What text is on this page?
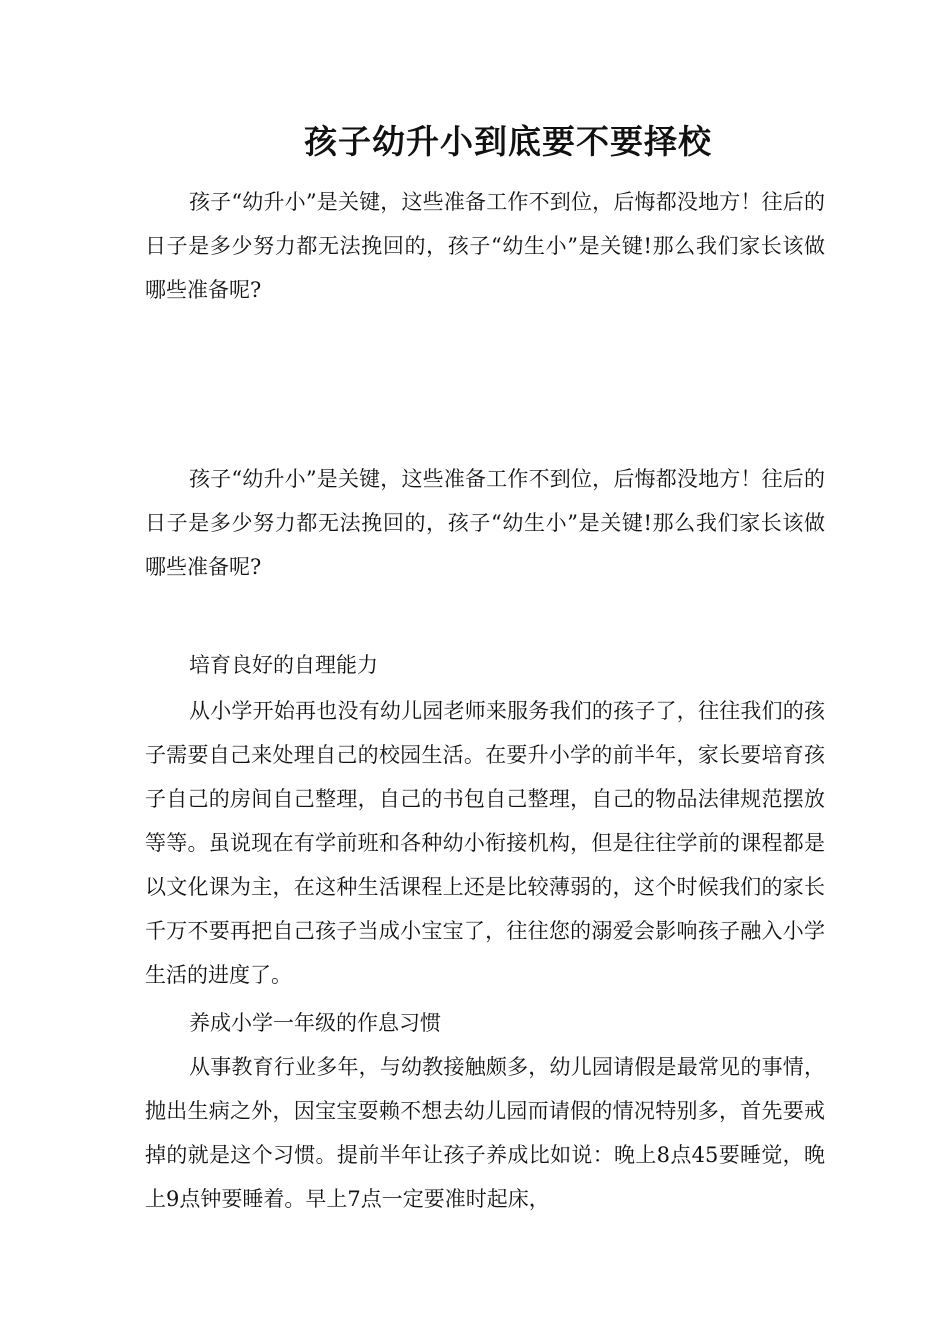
孩子幼升小到底要不要择校

孩子“幼升小”是关键，这些准备工作不到位，后悔都没地方！往后的日子是多少努力都无法挽回的，孩子“幼生小”是关键!那么我们家长该做哪些准备呢?

孩子“幼升小”是关键，这些准备工作不到位，后悔都没地方！往后的日子是多少努力都无法挽回的，孩子“幼生小”是关键!那么我们家长该做哪些准备呢?

培育良好的自理能力

从小学开始再也没有幼儿园老师来服务我们的孩子了，往往我们的孩子需要自己来处理自己的校园生活。在要升小学的前半年，家长要培育孩子自己的房间自己整理，自己的书包自己整理，自己的物品法律规范摆放等等。虽说现在有学前班和各种幼小衔接机构，但是往往学前的课程都是以文化课为主，在这种生活课程上还是比较薄弱的，这个时候我们的家长千万不要再把自己孩子当成小宝宝了，往往您的溺爱会影响孩子融入小学生活的进度了。

养成小学一年级的作息习惯

从事教育行业多年，与幼教接触颇多，幼儿园请假是最常见的事情，抛出生病之外，因宝宝耍赖不想去幼儿园而请假的情况特别多，首先要戒掉的就是这个习惯。提前半年让孩子养成比如说：晚上8点45要睡觉，晚上9点钟要睡着。早上7点一定要准时起床，
